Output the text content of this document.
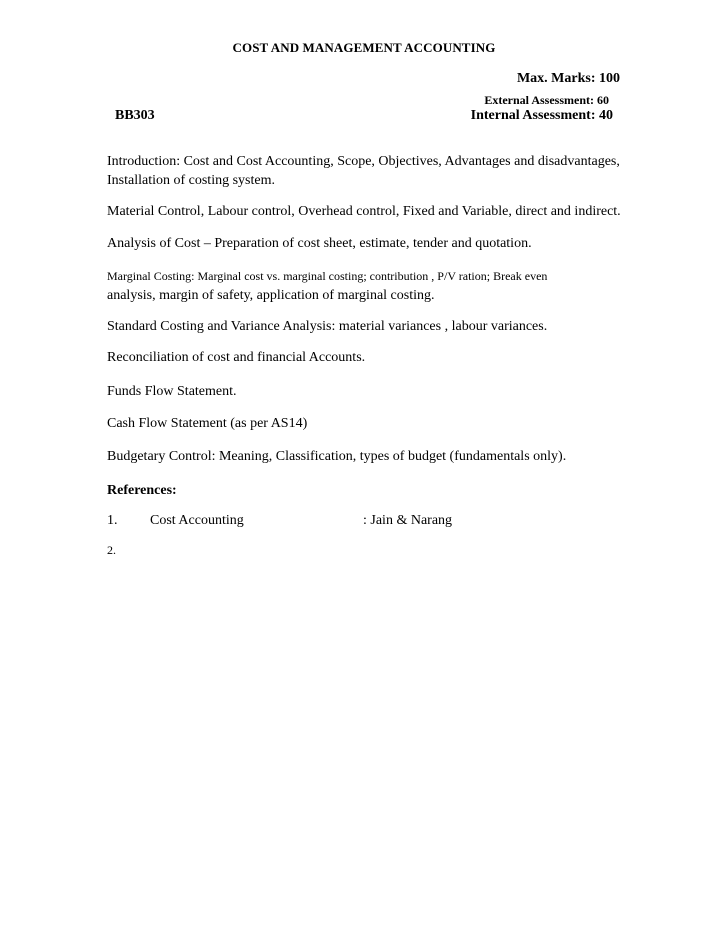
COST AND MANAGEMENT ACCOUNTING
Max. Marks: 100
External Assessment: 60
BB303	Internal Assessment: 40

Introduction: Cost and Cost Accounting, Scope, Objectives, Advantages and disadvantages, Installation of costing system.

Material Control, Labour control, Overhead control, Fixed and Variable, direct and indirect.

Analysis of Cost – Preparation of cost sheet, estimate, tender and quotation.

Marginal Costing: Marginal cost vs. marginal costing; contribution , P/V ration; Break even
analysis, margin of safety, application of marginal costing.

Standard Costing and Variance Analysis: material variances , labour variances.

Reconciliation of cost and financial Accounts.

Funds Flow Statement.

Cash Flow Statement (as per AS14)

Budgetary Control: Meaning, Classification, types of budget (fundamentals only).

References:

1. Cost Accounting	: Jain & Narang
2.
